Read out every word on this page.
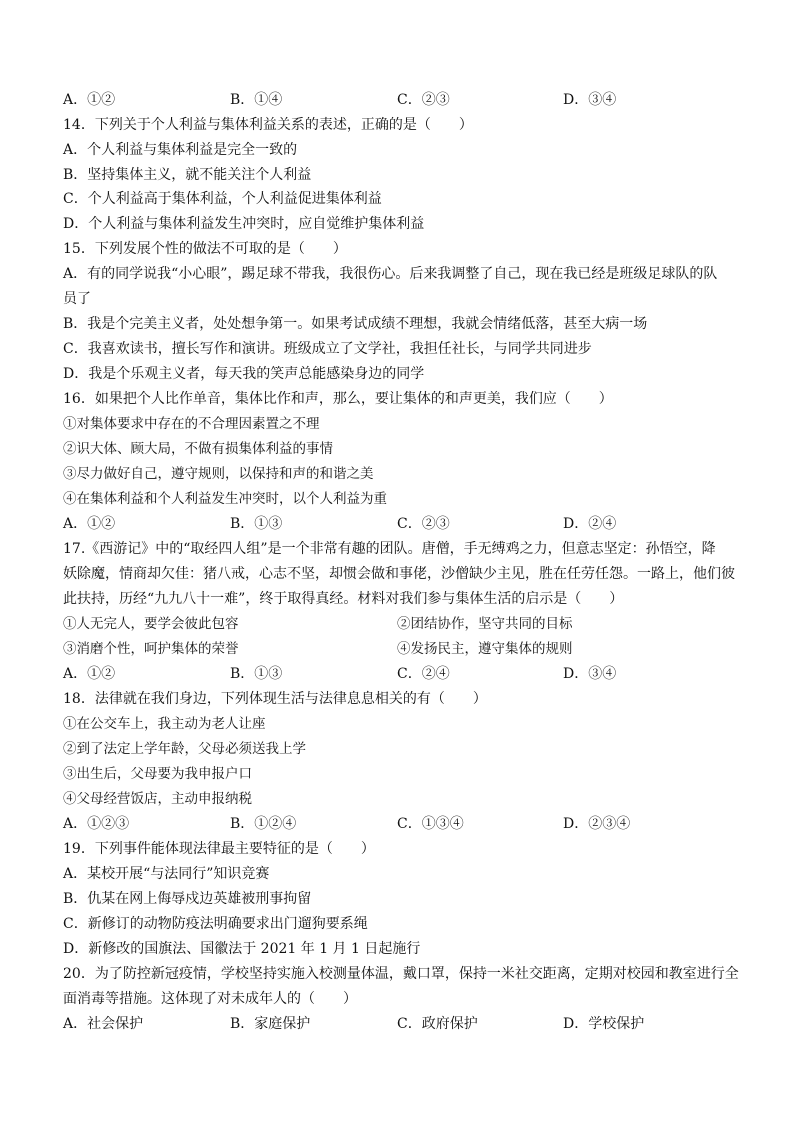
A．①②	B．①④	C．②③	D．③④
14．下列关于个人利益与集体利益关系的表述，正确的是（　　）
A．个人利益与集体利益是完全一致的
B．坚持集体主义，就不能关注个人利益
C．个人利益高于集体利益，个人利益促进集体利益
D．个人利益与集体利益发生冲突时，应自觉维护集体利益
15．下列发展个性的做法不可取的是（　　）
A．有的同学说我“小心眼”，踢足球不带我，我很伤心。后来我调整了自己，现在我已经是班级足球队的队
员了
B．我是个完美主义者，处处想争第一。如果考试成绩不理想，我就会情绪低落，甚至大病一场
C．我喜欢读书，擅长写作和演讲。班级成立了文学社，我担任社长，与同学共同进步
D．我是个乐观主义者，每天我的笑声总能感染身边的同学
16．如果把个人比作单音，集体比作和声，那么，要让集体的和声更美，我们应（　　）
①对集体要求中存在的不合理因素置之不理
②识大体、顾大局，不做有损集体利益的事情
③尽力做好自己，遵守规则，以保持和声的和谐之美
④在集体利益和个人利益发生冲突时，以个人利益为重
A．①②	B．①③	C．②③	D．②④
17.《西游记》中的“取经四人组”是一个非常有趣的团队。唐僧，手无缚鸡之力，但意志坚定：孙悟空，降
妖除魔，情商却欠佳：猪八戒，心志不坚，却惯会做和事佬，沙僧缺少主见，胜在任劳任怨。一路上，他们彼
此扶持，历经“九九八十一难”，终于取得真经。材料对我们参与集体生活的启示是（　　）
①人无完人，要学会彼此包容	②团结协作，坚守共同的目标
③消磨个性，呵护集体的荣誉	④发扬民主，遵守集体的规则
A．①②	B．①③	C．②④	D．③④
18．法律就在我们身边，下列体现生活与法律息息相关的有（　　）
①在公交车上，我主动为老人让座
②到了法定上学年龄，父母必须送我上学
③出生后，父母要为我申报户口
④父母经营饭店，主动申报纳税
A．①②③	B．①②④	C．①③④	D．②③④
19．下列事件能体现法律最主要特征的是（　　）
A．某校开展“与法同行”知识竞赛
B．仇某在网上侮辱戍边英雄被刑事拘留
C．新修订的动物防疫法明确要求出门遛狗要系绳
D．新修改的国旗法、国徽法于 2021 年 1 月 1 日起施行
20．为了防控新冠疫情，学校坚持实施入校测量体温，戴口罩，保持一米社交距离，定期对校园和教室进行全
面消毒等措施。这体现了对未成年人的（　　）
A．社会保护	B．家庭保护	C．政府保护	D．学校保护
